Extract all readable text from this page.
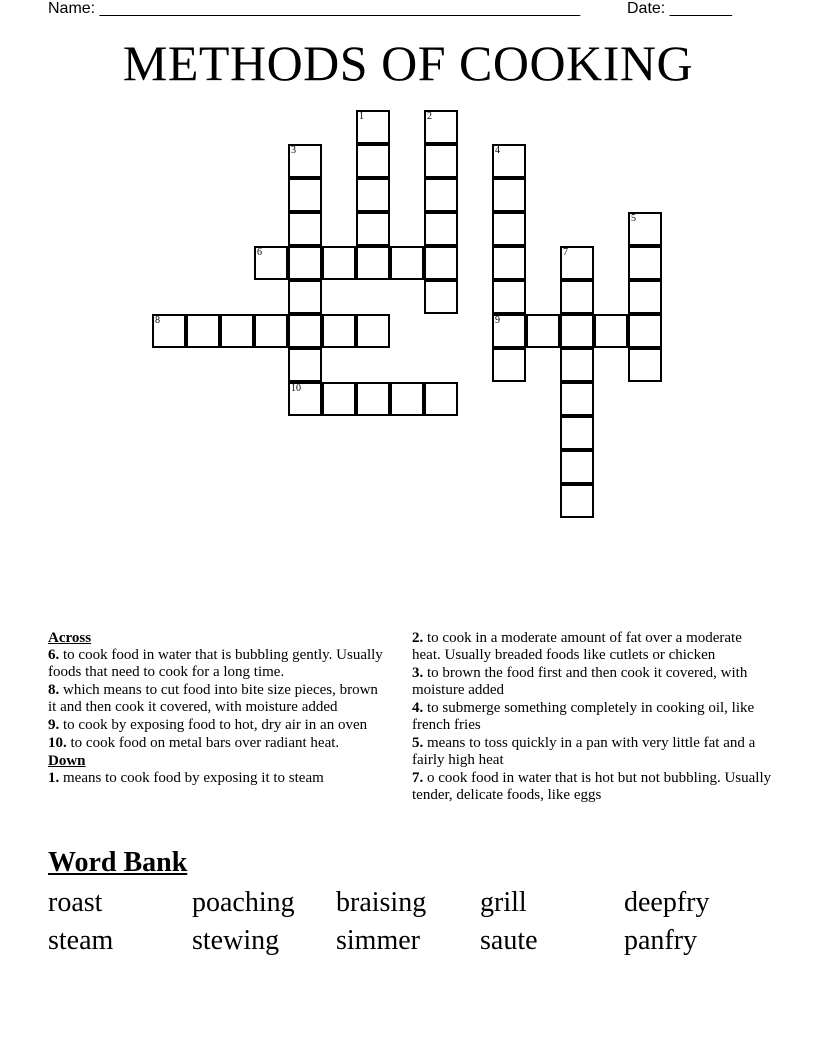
Name: ______________________________________________________	Date: _______
METHODS OF COOKING
1	2
3
6
8
10
4
9
7
5

Across

6. to cook food in water that is bubbling gently. Usually foods that need to cook for a long time.

8. which means to cut food into bite size pieces, brown it and then cook it covered, with moisture added

9. to cook by exposing food to hot, dry air in an oven

10. to cook food on metal bars over radiant heat.

Down

1. means to cook food by exposing it to steam

2. to cook in a moderate amount of fat over a moderate heat. Usually breaded foods like cutlets or chicken

3. to brown the food first and then cook it covered, with moisture added

4. to submerge something completely in cooking oil, like french fries

5. means to toss quickly in a pan with very little fat and a fairly high heat

7. o cook food in water that is hot but not bubbling. Usually tender, delicate foods, like eggs

Word Bank
roast	poaching	braising	grill	deepfry
steam	stewing	simmer	saute	panfry
